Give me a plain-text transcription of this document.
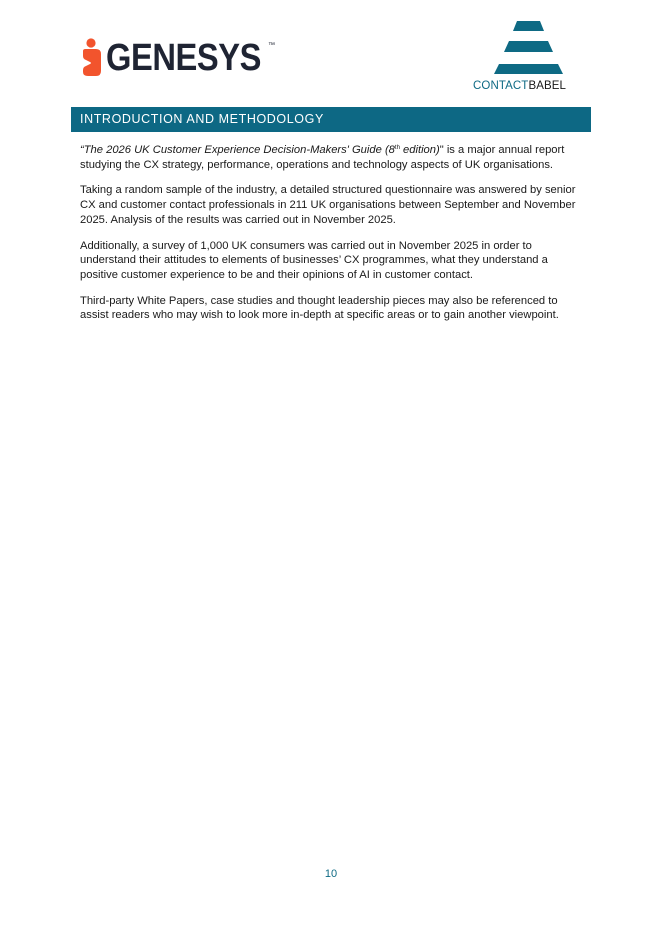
GENESYS ™
CONTACTBABEL
INTRODUCTION AND METHODOLOGY

“The 2026 UK Customer Experience Decision-Makers' Guide (8th edition)" is a major annual report studying the CX strategy, performance, operations and technology aspects of UK organisations.

Taking a random sample of the industry, a detailed structured questionnaire was answered by senior CX and customer contact professionals in 211 UK organisations between September and November 2025. Analysis of the results was carried out in November 2025.

Additionally, a survey of 1,000 UK consumers was carried out in November 2025 in order to understand their attitudes to elements of businesses’ CX programmes, what they understand a positive customer experience to be and their opinions of AI in customer contact.

Third-party White Papers, case studies and thought leadership pieces may also be referenced to assist readers who may wish to look more in-depth at specific areas or to gain another viewpoint.

10
